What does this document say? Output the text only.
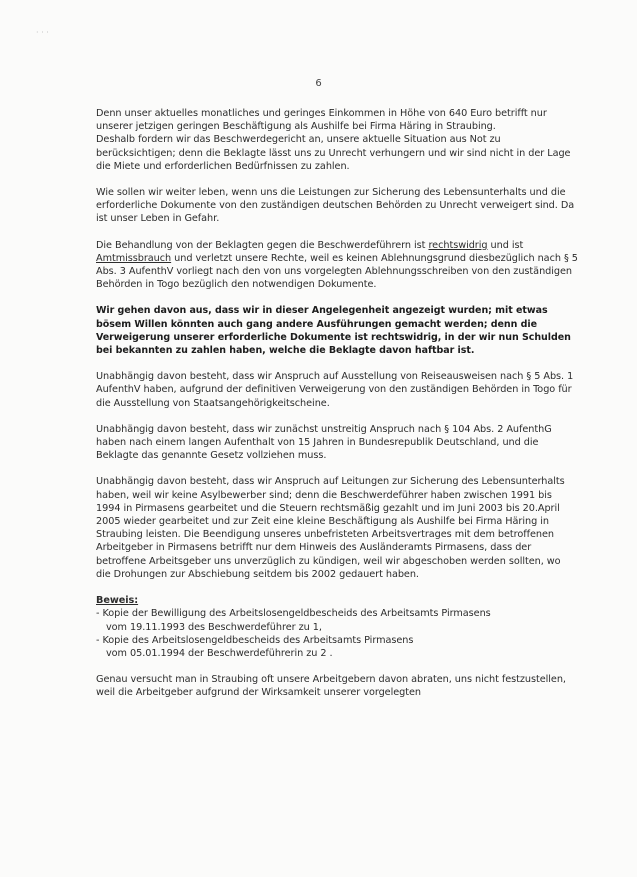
· · ·
6

Denn unser aktuelles monatliches und geringes Einkommen in Höhe von 640 Euro betrifft nur unserer jetzigen geringen Beschäftigung als Aushilfe bei Firma Häring in Straubing.

Deshalb fordern wir das Beschwerdegericht an, unsere aktuelle Situation aus Not zu berücksichtigen; denn die Beklagte lässt uns zu Unrecht verhungern und wir sind nicht in der Lage die Miete und erforderlichen Bedürfnissen zu zahlen.

Wie sollen wir weiter leben, wenn uns die Leistungen zur Sicherung des Lebensunterhalts und die erforderliche Dokumente von den zuständigen deutschen Behörden zu Unrecht verweigert sind. Da ist unser Leben in Gefahr.

Die Behandlung von der Beklagten gegen die Beschwerdeführern ist rechtswidrig und ist Amtmissbrauch und verletzt unsere Rechte, weil es keinen Ablehnungsgrund diesbezüglich nach § 5 Abs. 3 AufenthV vorliegt nach den von uns vorgelegten Ablehnungsschreiben von den zuständigen Behörden in Togo bezüglich den notwendigen Dokumente.

Wir gehen davon aus, dass wir in dieser Angelegenheit angezeigt wurden; mit etwas bösem Willen könnten auch gang andere Ausführungen gemacht werden; denn die Verweigerung unserer erforderliche Dokumente ist rechtswidrig, in der wir nun Schulden bei bekannten zu zahlen haben, welche die Beklagte davon haftbar ist.

Unabhängig davon besteht, dass wir Anspruch auf Ausstellung von Reiseausweisen nach § 5 Abs. 1 AufenthV haben, aufgrund der definitiven Verweigerung von den zuständigen Behörden in Togo für die Ausstellung von Staatsangehörigkeitscheine.

Unabhängig davon besteht, dass wir zunächst unstreitig Anspruch nach § 104 Abs. 2 AufenthG haben nach einem langen Aufenthalt von 15 Jahren in Bundesrepublik Deutschland, und die Beklagte das genannte Gesetz vollziehen muss.

Unabhängig davon besteht, dass wir Anspruch auf Leitungen zur Sicherung des Lebensunterhalts haben, weil wir keine Asylbewerber sind; denn die Beschwerdeführer haben zwischen 1991 bis 1994 in Pirmasens gearbeitet und die Steuern rechtsmäßig gezahlt und im Juni 2003 bis 20.April 2005 wieder gearbeitet und zur Zeit eine kleine Beschäftigung als Aushilfe bei Firma Häring in Straubing leisten. Die Beendigung unseres unbefristeten Arbeitsvertrages mit dem betroffenen Arbeitgeber in Pirmasens betrifft nur dem Hinweis des Ausländeramts Pirmasens, dass der betroffene Arbeitsgeber uns unverzüglich zu kündigen, weil wir abgeschoben werden sollten, wo die Drohungen zur Abschiebung seitdem bis 2002 gedauert haben.

Beweis:

- Kopie der Bewilligung des Arbeitslosengeldbescheids des Arbeitsamts Pirmasens
vom 19.11.1993 des Beschwerdeführer zu 1,
- Kopie des Arbeitslosengeldbescheids des Arbeitsamts Pirmasens
vom 05.01.1994 der Beschwerdeführerin zu 2 .

Genau versucht man in Straubing oft unsere Arbeitgebern davon abraten, uns nicht festzustellen, weil die Arbeitgeber aufgrund der Wirksamkeit unserer vorgelegten
